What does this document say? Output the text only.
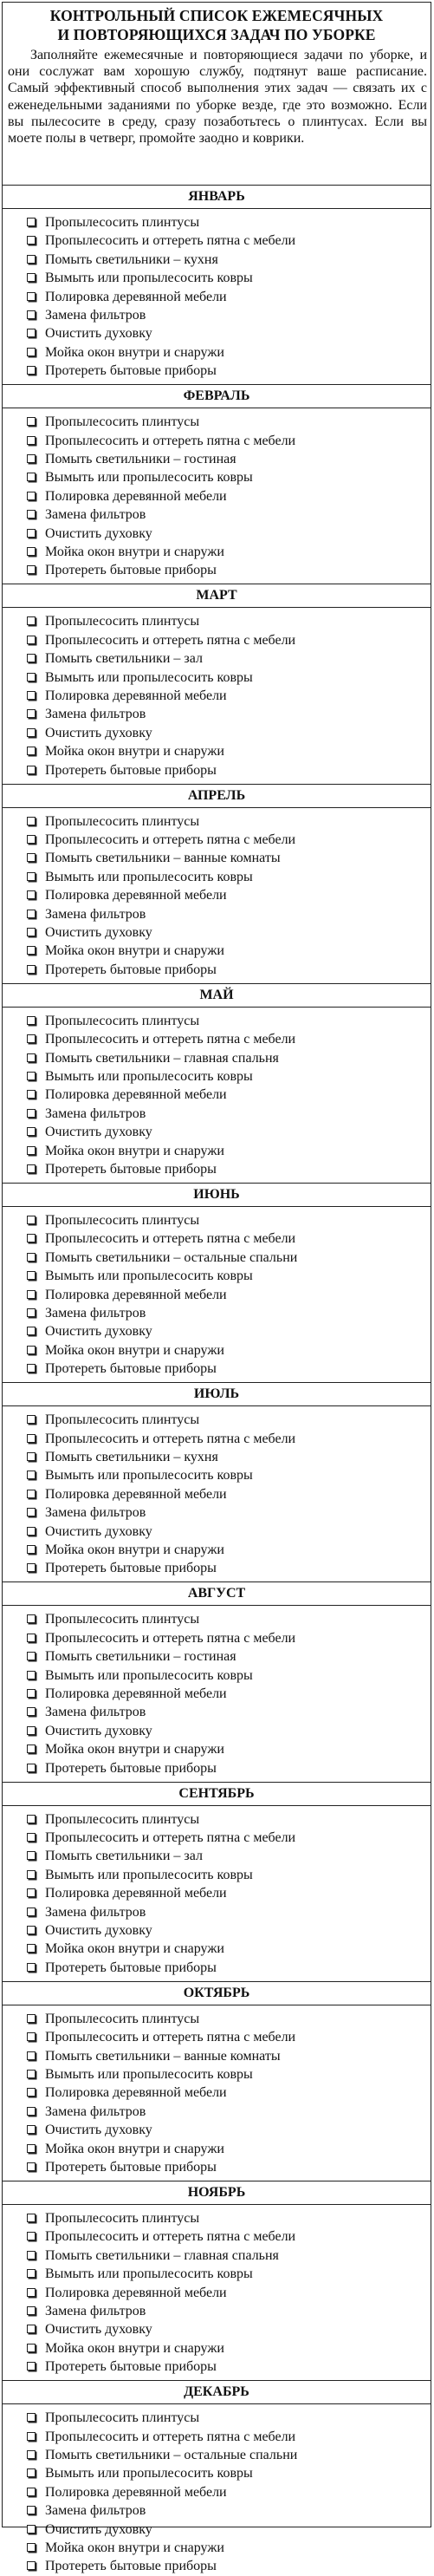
КОНТРОЛЬНЫЙ СПИСОК ЕЖЕМЕСЯЧНЫХ
И ПОВТОРЯЮЩИХСЯ ЗАДАЧ ПО УБОРКЕ

Заполняйте ежемесячные и повторяющиеся задачи по уборке, и они сослужат вам хорошую службу, подтянут ваше расписание. Самый эффективный способ выполнения этих задач — связать их с еженедельными заданиями по уборке везде, где это возможно. Если вы пылесосите в среду, сразу позаботьтесь о плинтусах. Если вы моете полы в четверг, промойте заодно и коврики.

ЯНВАРЬ
Пропылесосить плинтусы
Пропылесосить и оттереть пятна с мебели
Помыть светильники – кухня
Вымыть или пропылесосить ковры
Полировка деревянной мебели
Замена фильтров
Очистить духовку
Мойка окон внутри и снаружи
Протереть бытовые приборы
ФЕВРАЛЬ
Пропылесосить плинтусы
Пропылесосить и оттереть пятна с мебели
Помыть светильники – гостиная
Вымыть или пропылесосить ковры
Полировка деревянной мебели
Замена фильтров
Очистить духовку
Мойка окон внутри и снаружи
Протереть бытовые приборы
МАРТ
Пропылесосить плинтусы
Пропылесосить и оттереть пятна с мебели
Помыть светильники – зал
Вымыть или пропылесосить ковры
Полировка деревянной мебели
Замена фильтров
Очистить духовку
Мойка окон внутри и снаружи
Протереть бытовые приборы
АПРЕЛЬ
Пропылесосить плинтусы
Пропылесосить и оттереть пятна с мебели
Помыть светильники – ванные комнаты
Вымыть или пропылесосить ковры
Полировка деревянной мебели
Замена фильтров
Очистить духовку
Мойка окон внутри и снаружи
Протереть бытовые приборы
МАЙ
Пропылесосить плинтусы
Пропылесосить и оттереть пятна с мебели
Помыть светильники – главная спальня
Вымыть или пропылесосить ковры
Полировка деревянной мебели
Замена фильтров
Очистить духовку
Мойка окон внутри и снаружи
Протереть бытовые приборы
ИЮНЬ
Пропылесосить плинтусы
Пропылесосить и оттереть пятна с мебели
Помыть светильники – остальные спальни
Вымыть или пропылесосить ковры
Полировка деревянной мебели
Замена фильтров
Очистить духовку
Мойка окон внутри и снаружи
Протереть бытовые приборы
ИЮЛЬ
Пропылесосить плинтусы
Пропылесосить и оттереть пятна с мебели
Помыть светильники – кухня
Вымыть или пропылесосить ковры
Полировка деревянной мебели
Замена фильтров
Очистить духовку
Мойка окон внутри и снаружи
Протереть бытовые приборы
АВГУСТ
Пропылесосить плинтусы
Пропылесосить и оттереть пятна с мебели
Помыть светильники – гостиная
Вымыть или пропылесосить ковры
Полировка деревянной мебели
Замена фильтров
Очистить духовку
Мойка окон внутри и снаружи
Протереть бытовые приборы
СЕНТЯБРЬ
Пропылесосить плинтусы
Пропылесосить и оттереть пятна с мебели
Помыть светильники – зал
Вымыть или пропылесосить ковры
Полировка деревянной мебели
Замена фильтров
Очистить духовку
Мойка окон внутри и снаружи
Протереть бытовые приборы
ОКТЯБРЬ
Пропылесосить плинтусы
Пропылесосить и оттереть пятна с мебели
Помыть светильники – ванные комнаты
Вымыть или пропылесосить ковры
Полировка деревянной мебели
Замена фильтров
Очистить духовку
Мойка окон внутри и снаружи
Протереть бытовые приборы
НОЯБРЬ
Пропылесосить плинтусы
Пропылесосить и оттереть пятна с мебели
Помыть светильники – главная спальня
Вымыть или пропылесосить ковры
Полировка деревянной мебели
Замена фильтров
Очистить духовку
Мойка окон внутри и снаружи
Протереть бытовые приборы
ДЕКАБРЬ
Пропылесосить плинтусы
Пропылесосить и оттереть пятна с мебели
Помыть светильники – остальные спальни
Вымыть или пропылесосить ковры
Полировка деревянной мебели
Замена фильтров
Очистить духовку
Мойка окон внутри и снаружи
Протереть бытовые приборы
